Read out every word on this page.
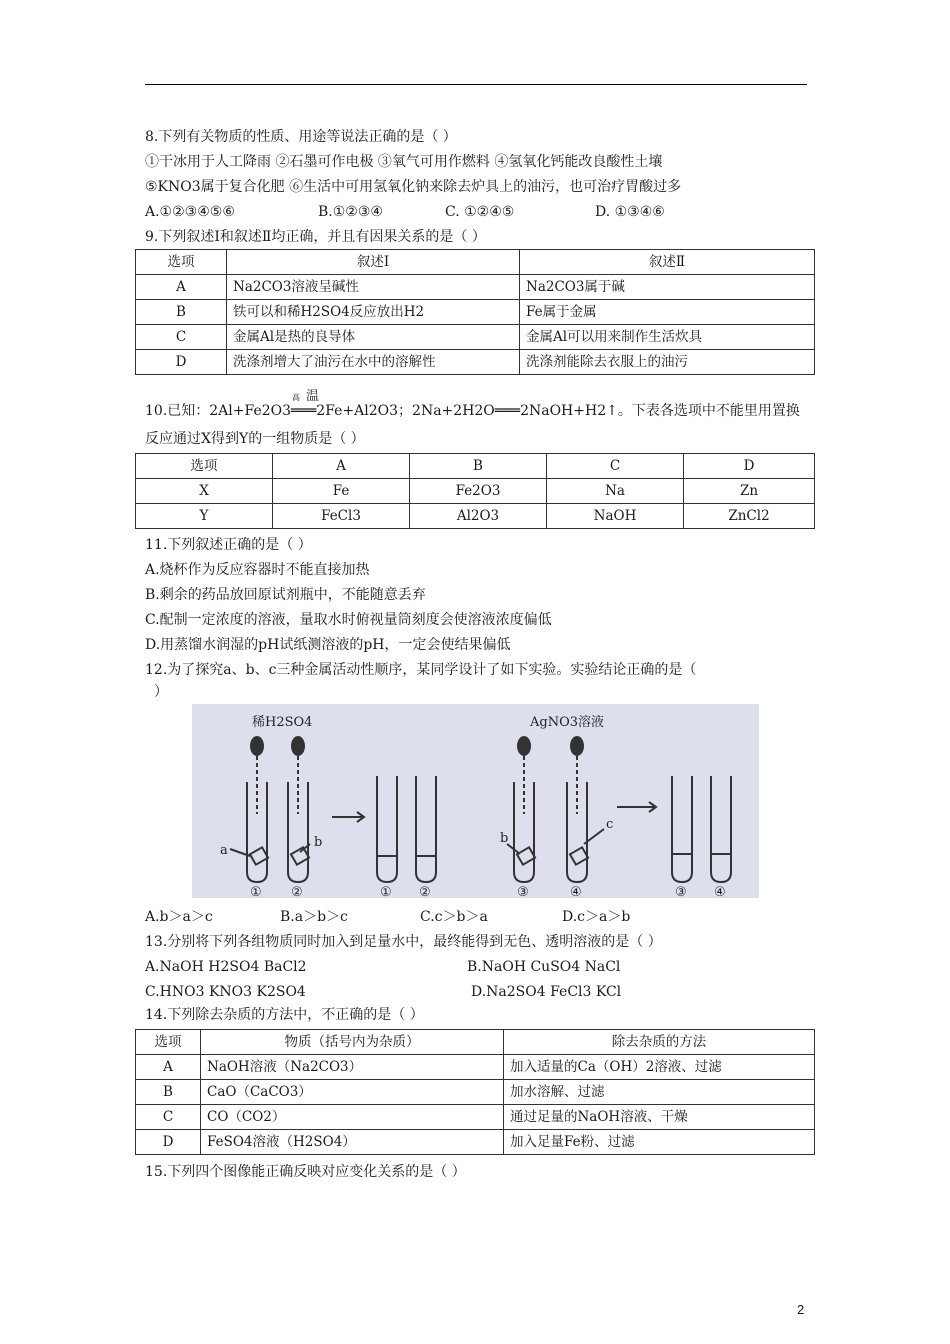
8.下列有关物质的性质、用途等说法正确的是（ ）
①干冰用于人工降雨 ②石墨可作电极 ③氧气可用作燃料 ④氢氧化钙能改良酸性土壤
⑤KNO3属于复合化肥 ⑥生活中可用氢氧化钠来除去炉具上的油污，也可治疗胃酸过多
A.①②③④⑤⑥	B.①②③④	C. ①②④⑤	D. ①③④⑥
9.下列叙述Ⅰ和叙述Ⅱ均正确，并且有因果关系的是（ ）
选项	叙述Ⅰ	叙述Ⅱ
A	Na2CO3溶液呈碱性	Na2CO3属于碱
B	铁可以和稀H2SO4反应放出H2	Fe属于金属
C	金属Al是热的良导体	金属Al可以用来制作生活炊具
D	洗涤剂增大了油污在水中的溶解性	洗涤剂能除去衣服上的油污
高 温
10.已知：2Al+Fe2O3═══2Fe+Al2O3；2Na+2H2O═══2NaOH+H2↑。下表各选项中不能里用置换
反应通过X得到Y的一组物质是（ ）
选项	A	B	C	D
X	Fe	Fe2O3	Na	Zn
Y	FeCl3	Al2O3	NaOH	ZnCl2
11.下列叙述正确的是（ ）
A.烧杯作为反应容器时不能直接加热
B.剩余的药品放回原试剂瓶中，不能随意丢弃
C.配制一定浓度的溶液，量取水时俯视量筒刻度会使溶液浓度偏低
D.用蒸馏水润湿的pH试纸测溶液的pH，一定会使结果偏低
12.为了探究a、b、c三种金属活动性顺序，某同学设计了如下实验。实验结论正确的是（
）
稀H2SO4	AgNO3溶液
a
b	b
c
① ②	① ②	③	④	③ ④
A.b＞a＞c	B.a＞b＞c	C.c＞b＞a	D.c＞a＞b
13.分别将下列各组物质同时加入到足量水中，最终能得到无色、透明溶液的是（ ）
A.NaOH H2SO4 BaCl2	B.NaOH CuSO4 NaCl
C.HNO3 KNO3 K2SO4	D.Na2SO4 FeCl3 KCl
14.下列除去杂质的方法中，不正确的是（ ）
选项	物质（括号内为杂质）	除去杂质的方法
A	NaOH溶液（Na2CO3）	加入适量的Ca（OH）2溶液、过滤
B	CaO（CaCO3）	加水溶解、过滤
C	CO（CO2）	通过足量的NaOH溶液、干燥
D	FeSO4溶液（H2SO4）	加入足量Fe粉、过滤
15.下列四个图像能正确反映对应变化关系的是（ ）
2
